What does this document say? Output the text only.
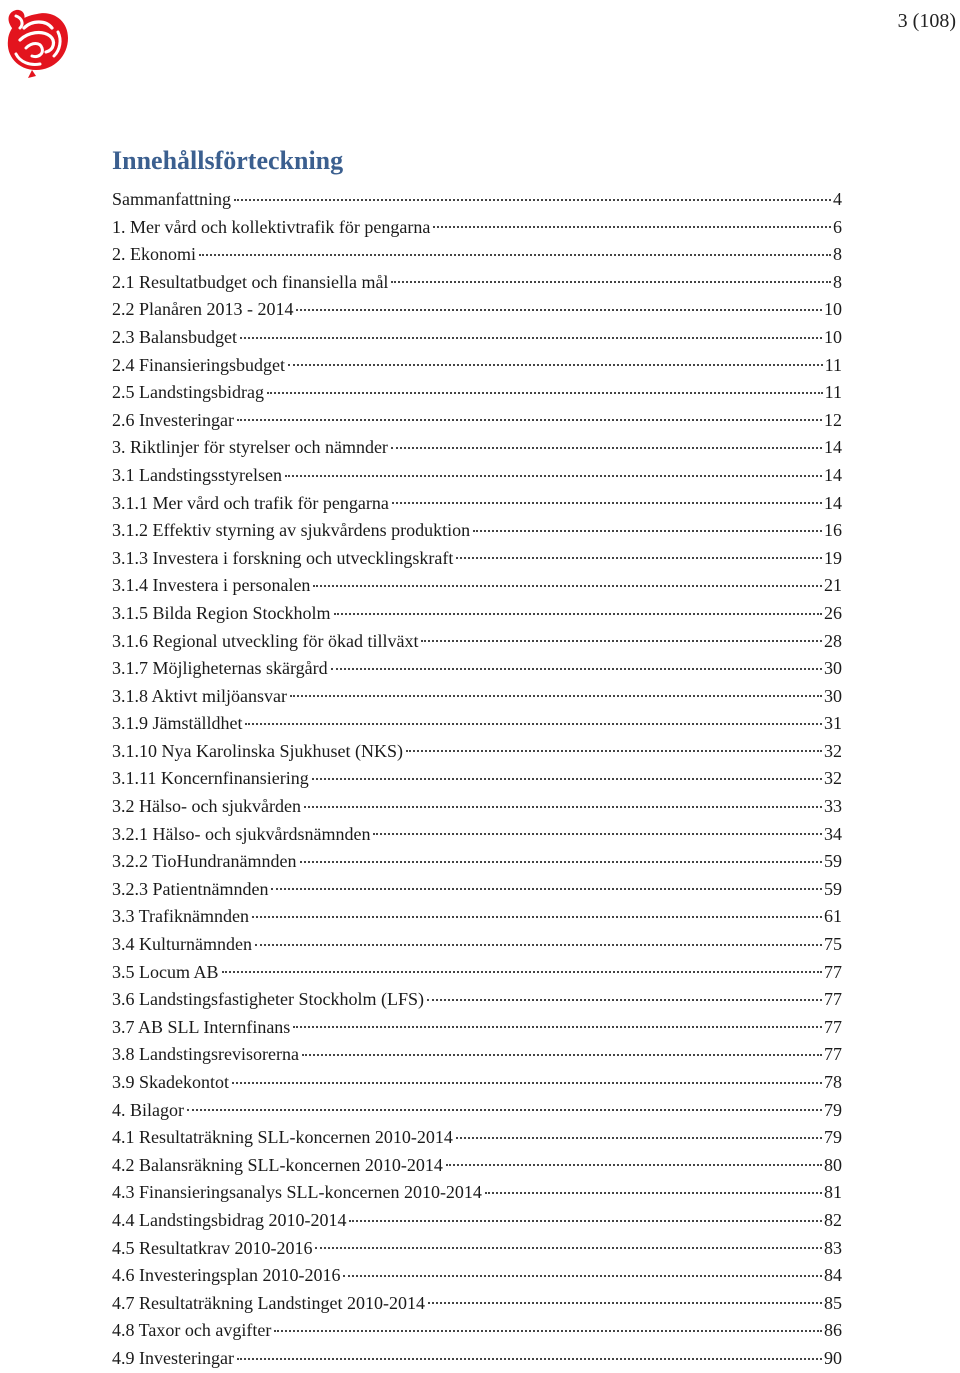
3 (108)
Innehållsförteckning
Sammanfattning	4
1. Mer vård och kollektivtrafik för pengarna	6
2. Ekonomi	8
2.1 Resultatbudget och finansiella mål	8
2.2 Planåren 2013 - 2014	10
2.3 Balansbudget	10
2.4 Finansieringsbudget	11
2.5 Landstingsbidrag	11
2.6 Investeringar	12
3. Riktlinjer för styrelser och nämnder	14
3.1 Landstingsstyrelsen	14
3.1.1 Mer vård och trafik för pengarna	14
3.1.2 Effektiv styrning av sjukvårdens produktion	16
3.1.3 Investera i forskning och utvecklingskraft	19
3.1.4 Investera i personalen	21
3.1.5 Bilda Region Stockholm	26
3.1.6 Regional utveckling för ökad tillväxt	28
3.1.7 Möjligheternas skärgård	30
3.1.8 Aktivt miljöansvar	30
3.1.9 Jämställdhet	31
3.1.10 Nya Karolinska Sjukhuset (NKS)	32
3.1.11 Koncernfinansiering	32
3.2 Hälso- och sjukvården	33
3.2.1 Hälso- och sjukvårdsnämnden	34
3.2.2 TioHundranämnden	59
3.2.3 Patientnämnden	59
3.3 Trafiknämnden	61
3.4 Kulturnämnden	75
3.5 Locum AB	77
3.6 Landstingsfastigheter Stockholm (LFS)	77
3.7 AB SLL Internfinans	77
3.8 Landstingsrevisorerna	77
3.9 Skadekontot	78
4. Bilagor	79
4.1 Resultaträkning SLL-koncernen 2010-2014	79
4.2 Balansräkning SLL-koncernen 2010-2014	80
4.3 Finansieringsanalys SLL-koncernen 2010-2014	81
4.4 Landstingsbidrag 2010-2014	82
4.5 Resultatkrav 2010-2016	83
4.6 Investeringsplan 2010-2016	84
4.7 Resultaträkning Landstinget 2010-2014	85
4.8 Taxor och avgifter	86
4.9 Investeringar	90
